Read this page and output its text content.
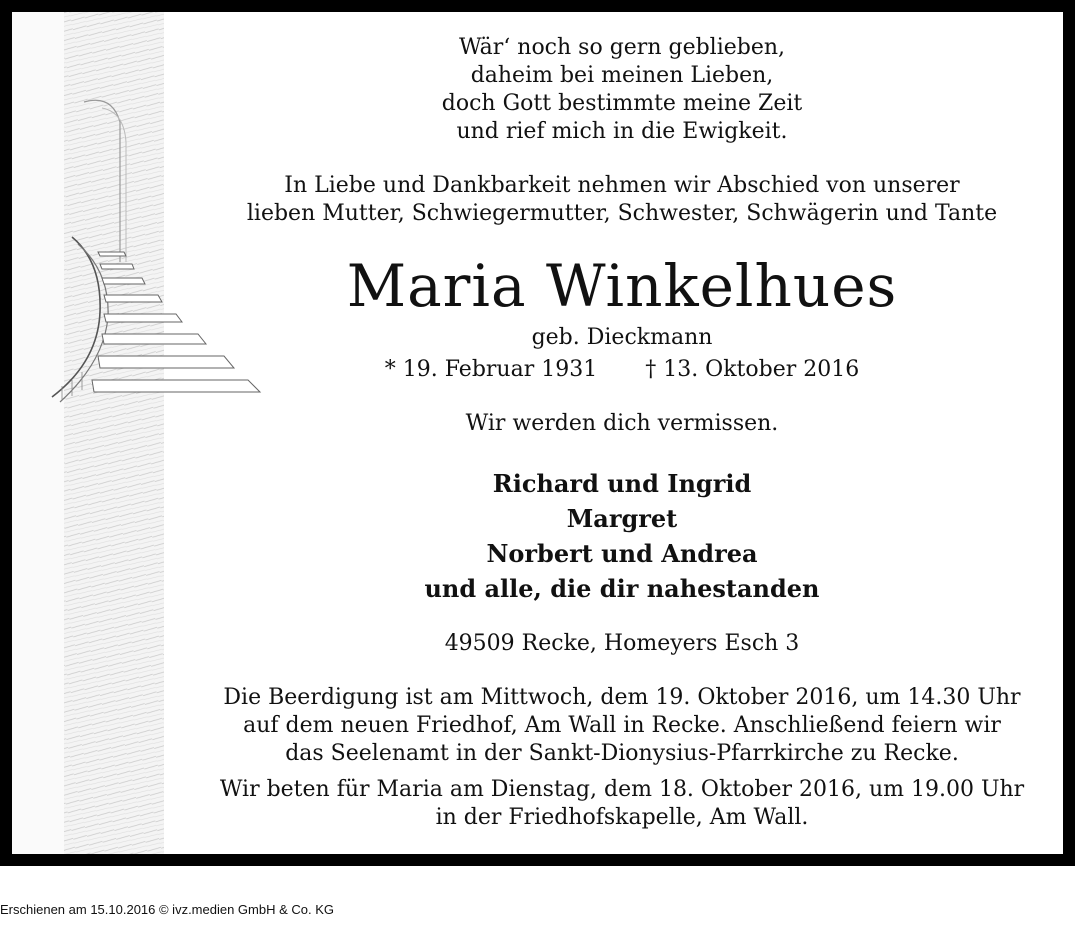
Wär‘ noch so gern geblieben,
daheim bei meinen Lieben,
doch Gott bestimmte meine Zeit
und rief mich in die Ewigkeit.
In Liebe und Dankbarkeit nehmen wir Abschied von unserer
lieben Mutter, Schwiegermutter, Schwester, Schwägerin und Tante
Maria Winkelhues
geb. Dieckmann
* 19. Februar 1931 † 13. Oktober 2016
Wir werden dich vermissen.
Richard und Ingrid
Margret
Norbert und Andrea
und alle, die dir nahestanden
49509 Recke, Homeyers Esch 3
Die Beerdigung ist am Mittwoch, dem 19. Oktober 2016, um 14.30 Uhr
auf dem neuen Friedhof, Am Wall in Recke. Anschließend feiern wir
das Seelenamt in der Sankt-Dionysius-Pfarrkirche zu Recke.
Wir beten für Maria am Dienstag, dem 18. Oktober 2016, um 19.00 Uhr
in der Friedhofskapelle, Am Wall.
Erschienen am 15.10.2016 © ivz.medien GmbH & Co. KG
